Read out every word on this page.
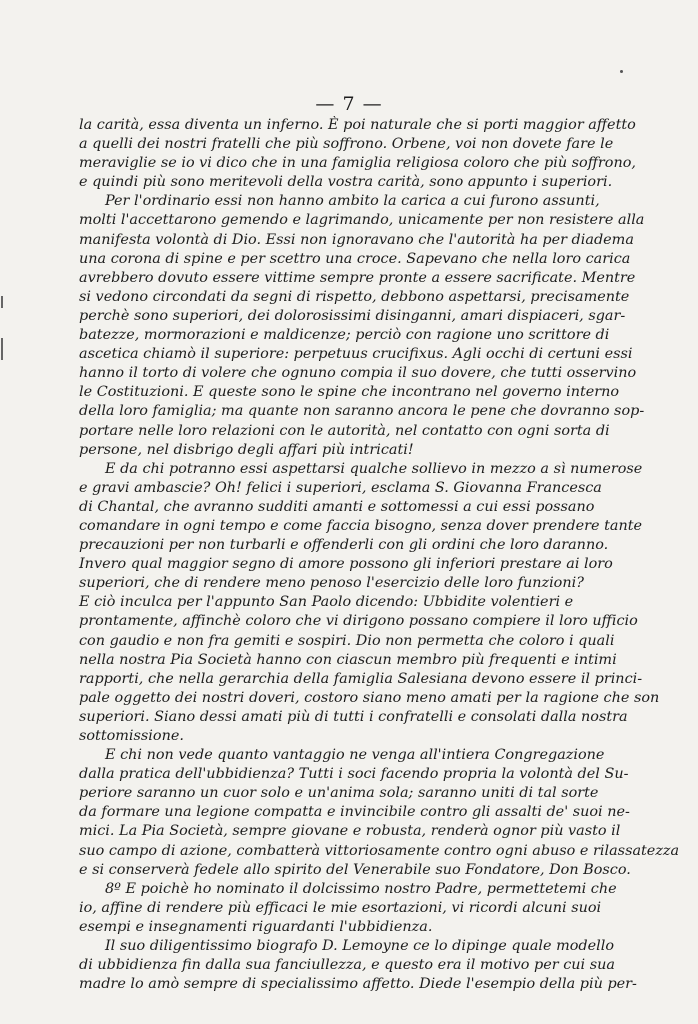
— 7 —
la carità, essa diventa un inferno. È poi naturale che si porti maggior affetto
a quelli dei nostri fratelli che più soffrono. Orbene, voi non dovete fare le
meraviglie se io vi dico che in una famiglia religiosa coloro che più soffrono,
e quindi più sono meritevoli della vostra carità, sono appunto i superiori.
Per l'ordinario essi non hanno ambito la carica a cui furono assunti,
molti l'accettarono gemendo e lagrimando, unicamente per non resistere alla
manifesta volontà di Dio. Essi non ignoravano che l'autorità ha per diadema
una corona di spine e per scettro una croce. Sapevano che nella loro carica
avrebbero dovuto essere vittime sempre pronte a essere sacrificate. Mentre
si vedono circondati da segni di rispetto, debbono aspettarsi, precisamente
perchè sono superiori, dei dolorosissimi disinganni, amari dispiaceri, sgar-
batezze, mormorazioni e maldicenze; perciò con ragione uno scrittore di
ascetica chiamò il superiore: perpetuus crucifixus. Agli occhi di certuni essi
hanno il torto di volere che ognuno compia il suo dovere, che tutti osservino
le Costituzioni. E queste sono le spine che incontrano nel governo interno
della loro famiglia; ma quante non saranno ancora le pene che dovranno sop-
portare nelle loro relazioni con le autorità, nel contatto con ogni sorta di
persone, nel disbrigo degli affari più intricati!
E da chi potranno essi aspettarsi qualche sollievo in mezzo a sì numerose
e gravi ambascie? Oh! felici i superiori, esclama S. Giovanna Francesca
di Chantal, che avranno sudditi amanti e sottomessi a cui essi possano
comandare in ogni tempo e come faccia bisogno, senza dover prendere tante
precauzioni per non turbarli e offenderli con gli ordini che loro daranno.
Invero qual maggior segno di amore possono gli inferiori prestare ai loro
superiori, che di rendere meno penoso l'esercizio delle loro funzioni?
E ciò inculca per l'appunto San Paolo dicendo: Ubbidite volentieri e
prontamente, affinchè coloro che vi dirigono possano compiere il loro ufficio
con gaudio e non fra gemiti e sospiri. Dio non permetta che coloro i quali
nella nostra Pia Società hanno con ciascun membro più frequenti e intimi
rapporti, che nella gerarchia della famiglia Salesiana devono essere il princi-
pale oggetto dei nostri doveri, costoro siano meno amati per la ragione che son
superiori. Siano dessi amati più di tutti i confratelli e consolati dalla nostra
sottomissione.
E chi non vede quanto vantaggio ne venga all'intiera Congregazione
dalla pratica dell'ubbidienza? Tutti i soci facendo propria la volontà del Su-
periore saranno un cuor solo e un'anima sola; saranno uniti di tal sorte
da formare una legione compatta e invincibile contro gli assalti de' suoi ne-
mici. La Pia Società, sempre giovane e robusta, renderà ognor più vasto il
suo campo di azione, combatterà vittoriosamente contro ogni abuso e rilassatezza
e si conserverà fedele allo spirito del Venerabile suo Fondatore, Don Bosco.
8º E poichè ho nominato il dolcissimo nostro Padre, permettetemi che
io, affine di rendere più efficaci le mie esortazioni, vi ricordi alcuni suoi
esempi e insegnamenti riguardanti l'ubbidienza.
Il suo diligentissimo biografo D. Lemoyne ce lo dipinge quale modello
di ubbidienza fin dalla sua fanciullezza, e questo era il motivo per cui sua
madre lo amò sempre di specialissimo affetto. Diede l'esempio della più per-
